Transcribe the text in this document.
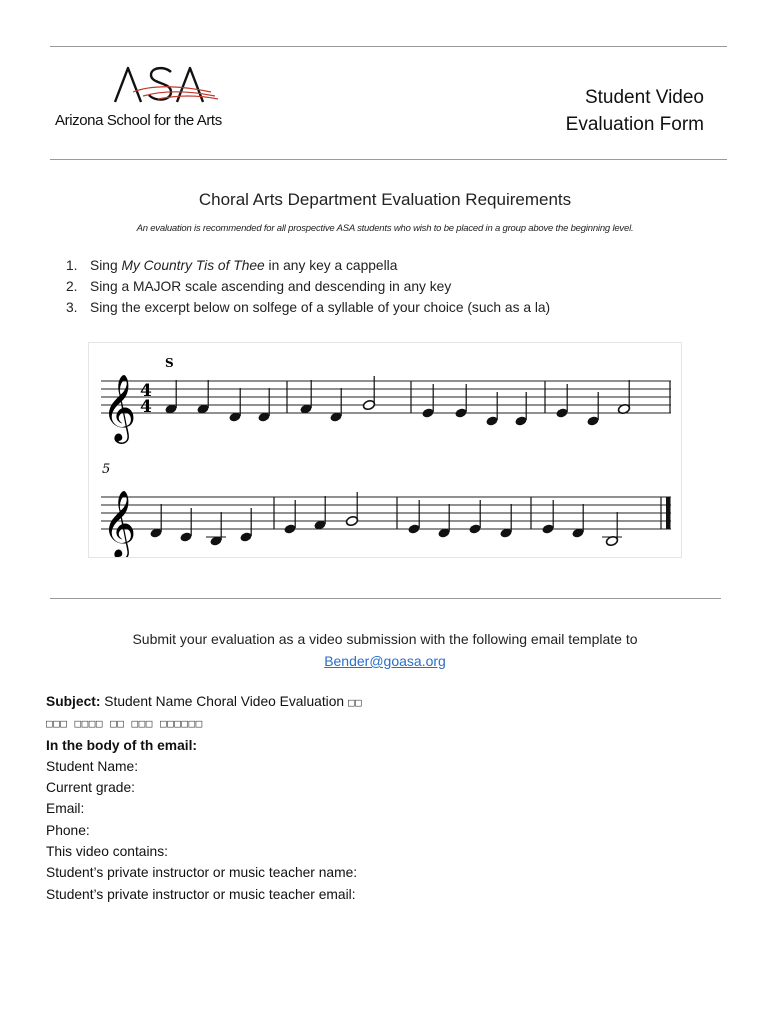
Arizona School for the Arts
Student Video
Evaluation Form
Choral Arts Department Evaluation Requirements
An evaluation is recommended for all prospective ASA students who wish to be placed in a group above the beginning level.
1. Sing My Country Tis of Thee in any key a cappella
2. Sing a MAJOR scale ascending and descending in any key
3. Sing the excerpt below on solfege of a syllable of your choice (such as a la)
𝄞
𝄞
4
4
S
5
Submit your evaluation as a video submission with the following email template to
Bender@goasa.org
Subject: Student Name Choral Video Evaluation □□
□□□ □□□□ □□ □□□ □□□□□□
In the body of th email:
Student Name:
Current grade:
Email:
Phone:
This video contains:
Student’s private instructor or music teacher name:
Student’s private instructor or music teacher email:
